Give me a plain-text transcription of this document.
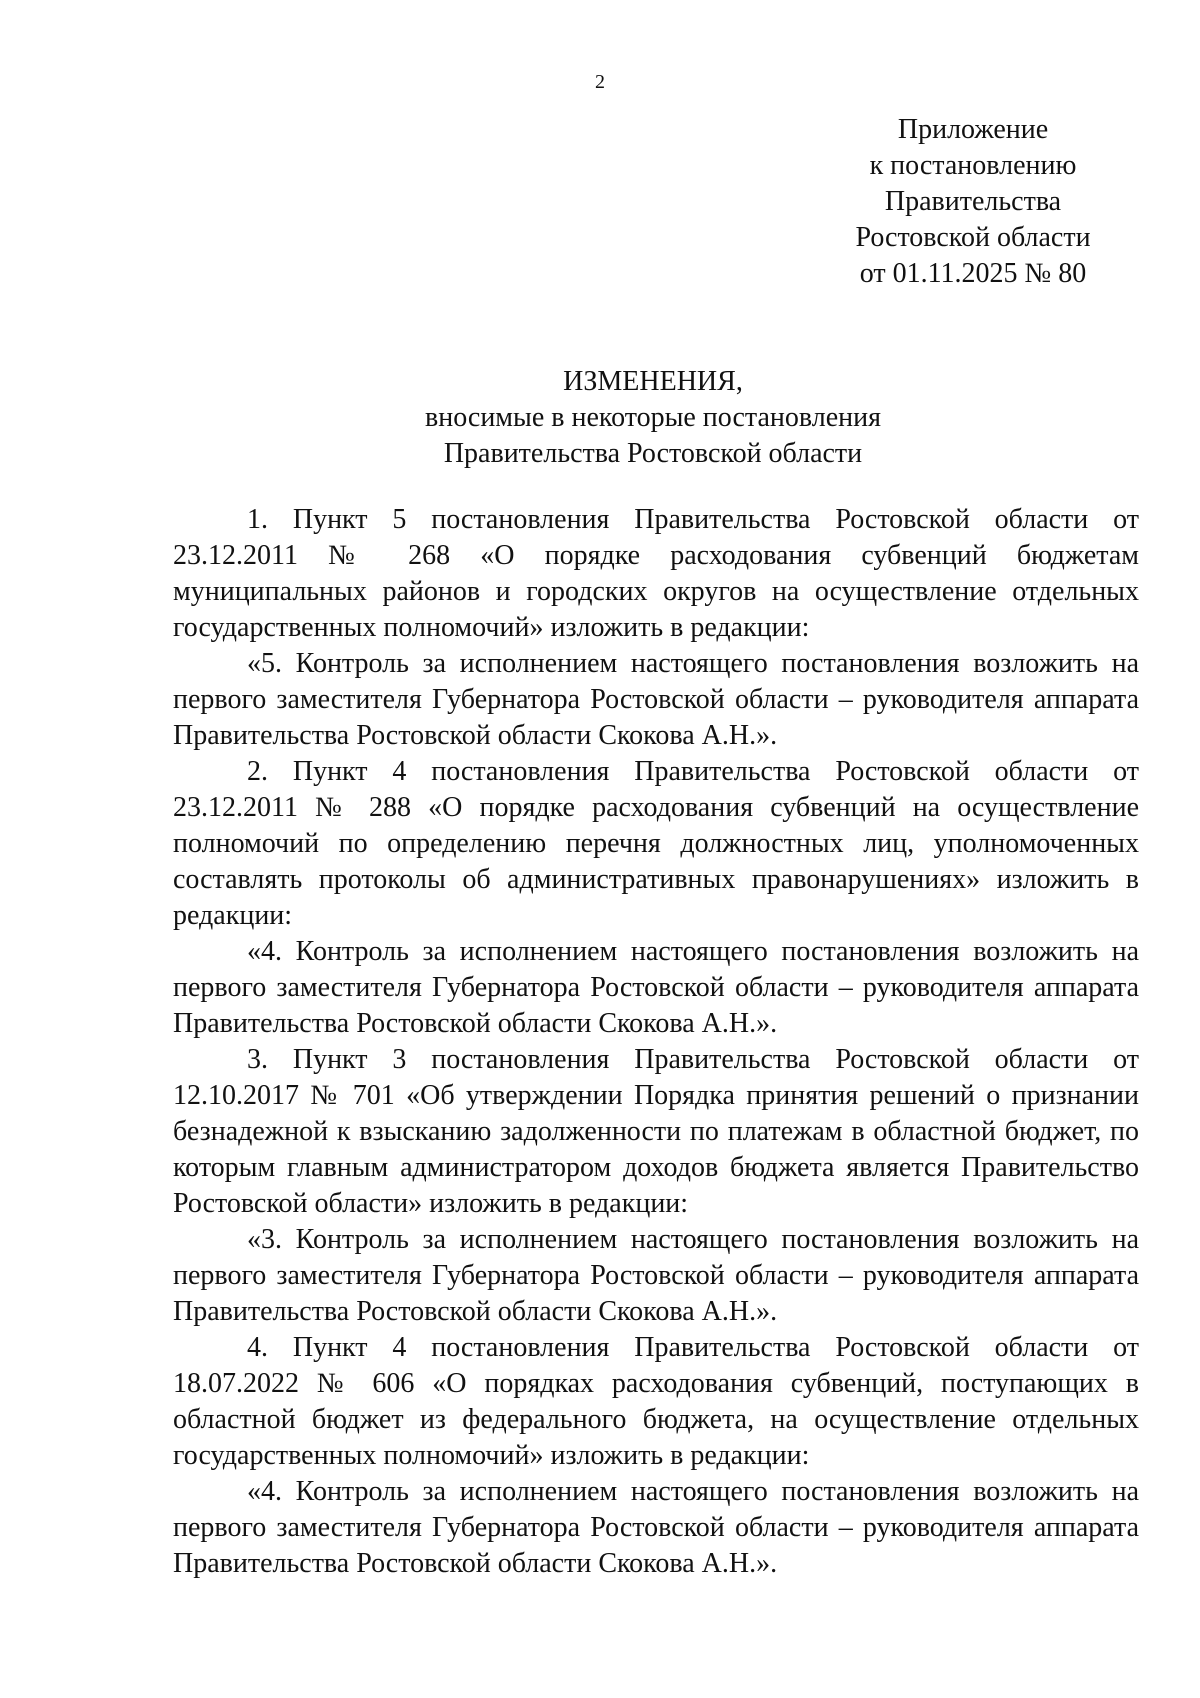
2
Приложение
к постановлению
Правительства
Ростовской области
от 01.11.2025 № 80
ИЗМЕНЕНИЯ,
вносимые в некоторые постановления
Правительства Ростовской области

1. Пункт 5 постановления Правительства Ростовской области от 23.12.2011 № 268 «О порядке расходования субвенций бюджетам муниципальных районов и городских округов на осуществление отдельных государственных полномочий» изложить в редакции:

«5. Контроль за исполнением настоящего постановления возложить на первого заместителя Губернатора Ростовской области – руководителя аппарата Правительства Ростовской области Скокова А.Н.».

2. Пункт 4 постановления Правительства Ростовской области от 23.12.2011 № 288 «О порядке расходования субвенций на осуществление полномочий по определению перечня должностных лиц, уполномоченных составлять протоколы об административных правонарушениях» изложить в редакции:

«4. Контроль за исполнением настоящего постановления возложить на первого заместителя Губернатора Ростовской области – руководителя аппарата Правительства Ростовской области Скокова А.Н.».

3. Пункт 3 постановления Правительства Ростовской области от 12.10.2017 № 701 «Об утверждении Порядка принятия решений о признании безнадежной к взысканию задолженности по платежам в областной бюджет, по которым главным администратором доходов бюджета является Правительство Ростовской области» изложить в редакции:

«3. Контроль за исполнением настоящего постановления возложить на первого заместителя Губернатора Ростовской области – руководителя аппарата Правительства Ростовской области Скокова А.Н.».

4. Пункт 4 постановления Правительства Ростовской области от 18.07.2022 № 606 «О порядках расходования субвенций, поступающих в областной бюджет из федерального бюджета, на осуществление отдельных государственных полномочий» изложить в редакции:

«4. Контроль за исполнением настоящего постановления возложить на первого заместителя Губернатора Ростовской области – руководителя аппарата Правительства Ростовской области Скокова А.Н.».
